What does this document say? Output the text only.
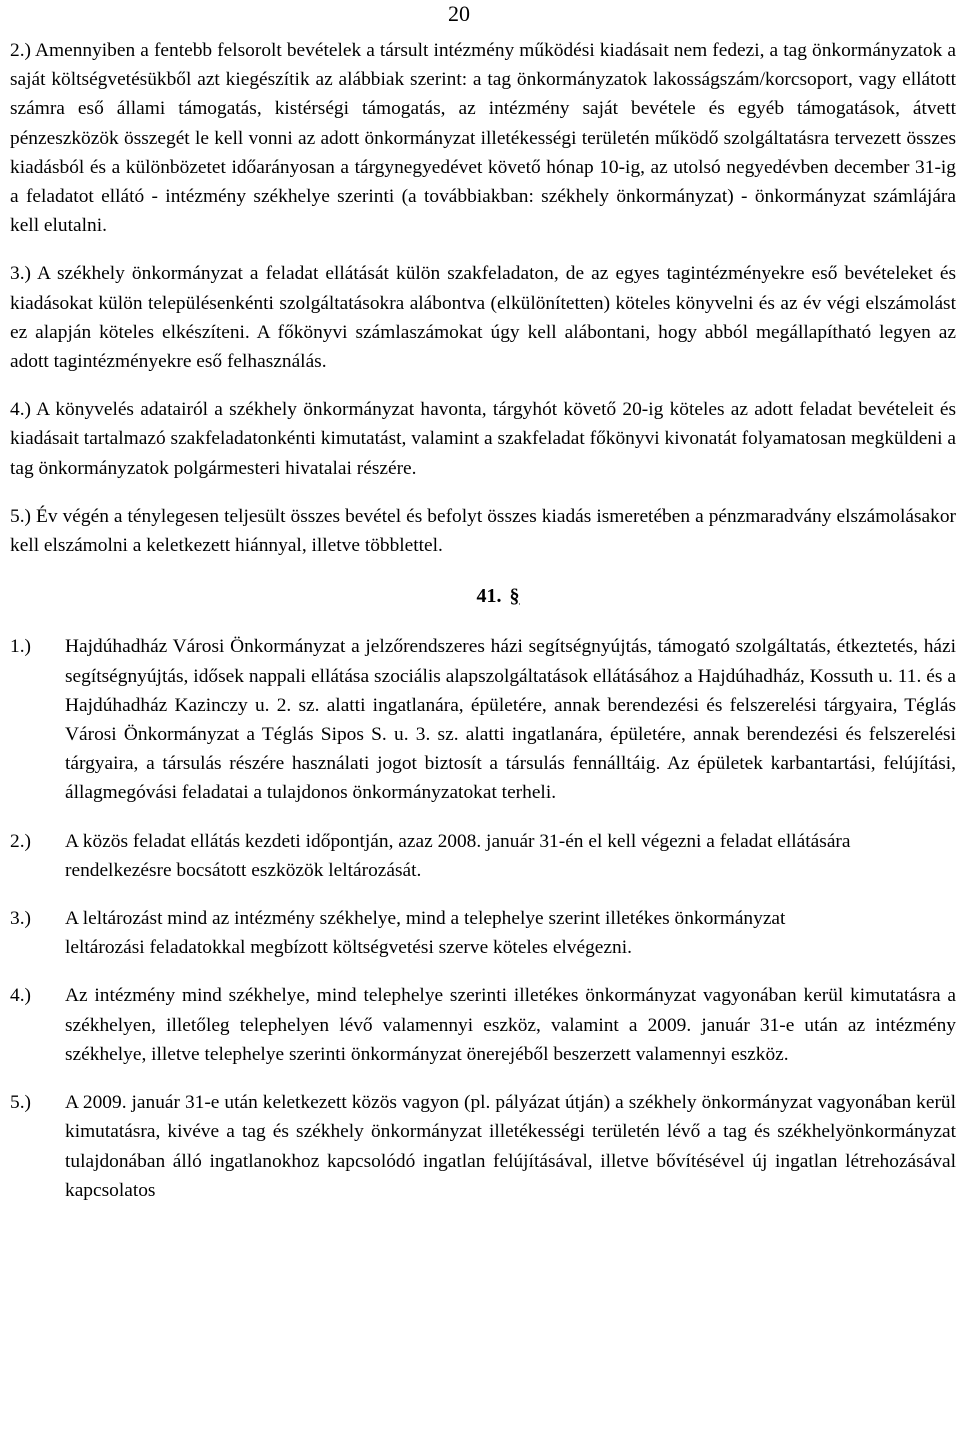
20

2.) Amennyiben a fentebb felsorolt bevételek a társult intézmény működési kiadásait nem fedezi, a tag önkormányzatok a saját költségvetésükből azt kiegészítik az alábbiak szerint: a tag önkormányzatok lakosságszám/korcsoport, vagy ellátott számra eső állami támogatás, kistérségi támogatás, az intézmény saját bevétele és egyéb támogatások, átvett pénzeszközök összegét le kell vonni az adott önkormányzat illetékességi területén működő szolgáltatásra tervezett összes kiadásból és a különbözetet időarányosan a tárgynegyedévet követő hónap 10-ig, az utolsó negyedévben december 31-ig a feladatot ellátó - intézmény székhelye szerinti (a továbbiakban: székhely önkormányzat) - önkormányzat számlájára kell elutalni.

3.) A székhely önkormányzat a feladat ellátását külön szakfeladaton, de az egyes tagintézményekre eső bevételeket és kiadásokat külön településenkénti szolgáltatásokra alábontva (elkülönítetten) köteles könyvelni és az év végi elszámolást ez alapján köteles elkészíteni. A főkönyvi számlaszámokat úgy kell alábontani, hogy abból megállapítható legyen az adott tagintézményekre eső felhasználás.

4.) A könyvelés adatairól a székhely önkormányzat havonta, tárgyhót követő 20-ig köteles az adott feladat bevételeit és kiadásait tartalmazó szakfeladatonkénti kimutatást, valamint a szakfeladat főkönyvi kivonatát folyamatosan megküldeni a tag önkormányzatok polgármesteri hivatalai részére.

5.) Év végén a ténylegesen teljesült összes bevétel és befolyt összes kiadás ismeretében a pénzmaradvány elszámolásakor kell elszámolni a keletkezett hiánnyal, illetve többlettel.

41. §
1.)	Hajdúhadház Városi Önkormányzat a jelzőrendszeres házi segítségnyújtás, támogató szolgáltatás, étkeztetés, házi segítségnyújtás, idősek nappali ellátása szociális alapszolgáltatások ellátásához a Hajdúhadház, Kossuth u. 11. és a Hajdúhadház Kazinczy u. 2. sz. alatti ingatlanára, épületére, annak berendezési és felszerelési tárgyaira, Téglás Városi Önkormányzat a Téglás Sipos S. u. 3. sz. alatti ingatlanára, épületére, annak berendezési és felszerelési tárgyaira, a társulás részére használati jogot biztosít a társulás fennálltáig. Az épületek karbantartási, felújítási, állagmegóvási feladatai a tulajdonos önkormányzatokat terheli.
2.)	A közös feladat ellátás kezdeti időpontján, azaz 2008. január 31-én el kell végezni a feladat ellátására rendelkezésre bocsátott eszközök leltározását.
3.)	A leltározást mind az intézmény székhelye, mind a telephelye szerint illetékes önkormányzat leltározási feladatokkal megbízott költségvetési szerve köteles elvégezni.
4.)	Az intézmény mind székhelye, mind telephelye szerinti illetékes önkormányzat vagyonában kerül kimutatásra a székhelyen, illetőleg telephelyen lévő valamennyi eszköz, valamint a 2009. január 31-e után az intézmény székhelye, illetve telephelye szerinti önkormányzat önerejéből beszerzett valamennyi eszköz.
5.)	A 2009. január 31-e után keletkezett közös vagyon (pl. pályázat útján) a székhely önkormányzat vagyonában kerül kimutatásra, kivéve a tag és székhely önkormányzat illetékességi területén lévő a tag és székhelyönkormányzat tulajdonában álló ingatlanokhoz kapcsolódó ingatlan felújításával, illetve bővítésével új ingatlan létrehozásával kapcsolatos
